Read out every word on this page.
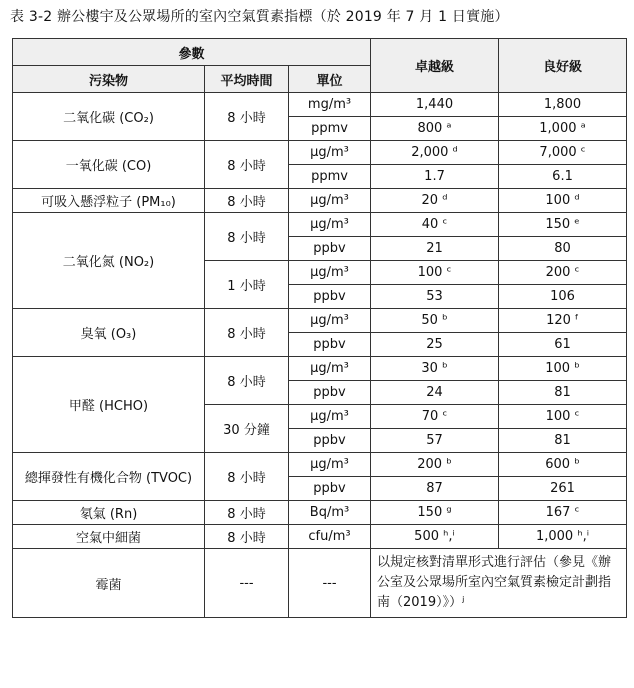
表 3-2 辦公樓宇及公眾場所的室內空氣質素指標（於 2019 年 7 月 1 日實施）
參數			卓越級	良好級
污染物	平均時間	單位		
二氧化碳 (CO₂)	8 小時	mg/m³	1,440	1,800
		ppmv	800 ᵃ	1,000 ᵃ
一氧化碳 (CO)	8 小時	µg/m³	2,000 ᵈ	7,000 ᶜ
		ppmv	1.7	6.1
可吸入懸浮粒子 (PM₁₀)	8 小時	µg/m³	20 ᵈ	100 ᵈ
二氧化氮 (NO₂)	8 小時	µg/m³	40 ᶜ	150 ᵉ
		ppbv	21	80
	1 小時	µg/m³	100 ᶜ	200 ᶜ
		ppbv	53	106
臭氧 (O₃)	8 小時	µg/m³	50 ᵇ	120 ᶠ
		ppbv	25	61
甲醛 (HCHO)	8 小時	µg/m³	30 ᵇ	100 ᵇ
		ppbv	24	81
	30 分鐘	µg/m³	70 ᶜ	100 ᶜ
		ppbv	57	81
總揮發性有機化合物 (TVOC)	8 小時	µg/m³	200 ᵇ	600 ᵇ
		ppbv	87	261
氡氣 (Rn)	8 小時	Bq/m³	150 ᵍ	167 ᶜ
空氣中細菌	8 小時	cfu/m³	500 ʰ,ⁱ	1,000 ʰ,ⁱ
霉菌	---	---	以規定核對清單形式進行評估（參見《辦公室及公眾場所室內空氣質素檢定計劃指南（2019）》）ʲ	
